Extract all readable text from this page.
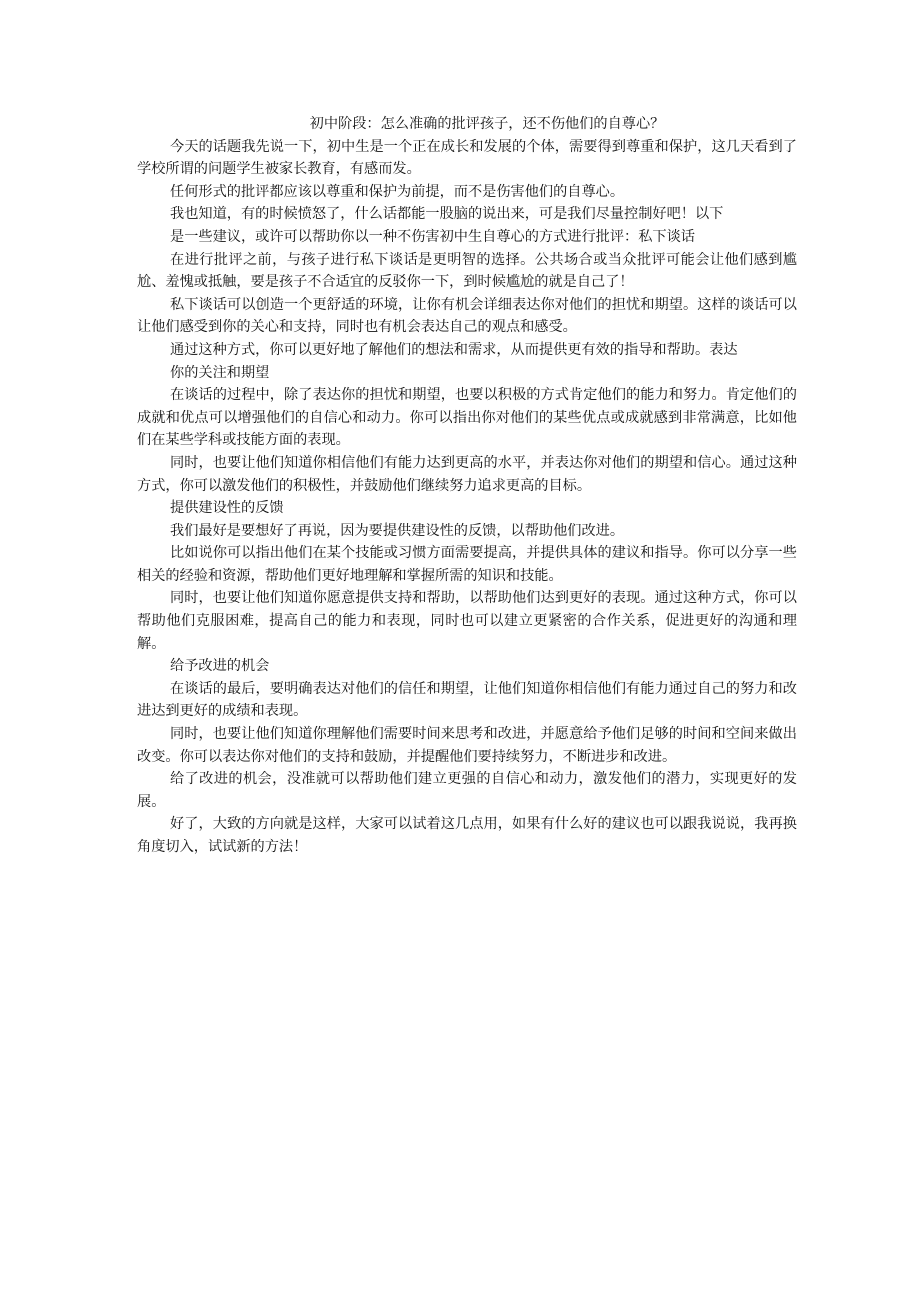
初中阶段：怎么准确的批评孩子，还不伤他们的自尊心？

今天的话题我先说一下，初中生是一个正在成长和发展的个体，需要得到尊重和保护，这几天看到了学校所谓的问题学生被家长教育，有感而发。

任何形式的批评都应该以尊重和保护为前提，而不是伤害他们的自尊心。

我也知道，有的时候愤怒了，什么话都能一股脑的说出来，可是我们尽量控制好吧！以下

是一些建议，或许可以帮助你以一种不伤害初中生自尊心的方式进行批评：私下谈话

在进行批评之前，与孩子进行私下谈话是更明智的选择。公共场合或当众批评可能会让他们感到尴尬、羞愧或抵触，要是孩子不合适宜的反驳你一下，到时候尴尬的就是自己了！

私下谈话可以创造一个更舒适的环境，让你有机会详细表达你对他们的担忧和期望。这样的谈话可以让他们感受到你的关心和支持，同时也有机会表达自己的观点和感受。

通过这种方式，你可以更好地了解他们的想法和需求，从而提供更有效的指导和帮助。表达

你的关注和期望

在谈话的过程中，除了表达你的担忧和期望，也要以积极的方式肯定他们的能力和努力。肯定他们的成就和优点可以增强他们的自信心和动力。你可以指出你对他们的某些优点或成就感到非常满意，比如他们在某些学科或技能方面的表现。

同时，也要让他们知道你相信他们有能力达到更高的水平，并表达你对他们的期望和信心。通过这种方式，你可以激发他们的积极性，并鼓励他们继续努力追求更高的目标。

提供建设性的反馈

我们最好是要想好了再说，因为要提供建设性的反馈，以帮助他们改进。

比如说你可以指出他们在某个技能或习惯方面需要提高，并提供具体的建议和指导。你可以分享一些相关的经验和资源，帮助他们更好地理解和掌握所需的知识和技能。

同时，也要让他们知道你愿意提供支持和帮助，以帮助他们达到更好的表现。通过这种方式，你可以帮助他们克服困难，提高自己的能力和表现，同时也可以建立更紧密的合作关系，促进更好的沟通和理解。

给予改进的机会

在谈话的最后，要明确表达对他们的信任和期望，让他们知道你相信他们有能力通过自己的努力和改进达到更好的成绩和表现。

同时，也要让他们知道你理解他们需要时间来思考和改进，并愿意给予他们足够的时间和空间来做出改变。你可以表达你对他们的支持和鼓励，并提醒他们要持续努力，不断进步和改进。

给了改进的机会，没准就可以帮助他们建立更强的自信心和动力，激发他们的潜力，实现更好的发展。

好了，大致的方向就是这样，大家可以试着这几点用，如果有什么好的建议也可以跟我说说，我再换角度切入，试试新的方法！
